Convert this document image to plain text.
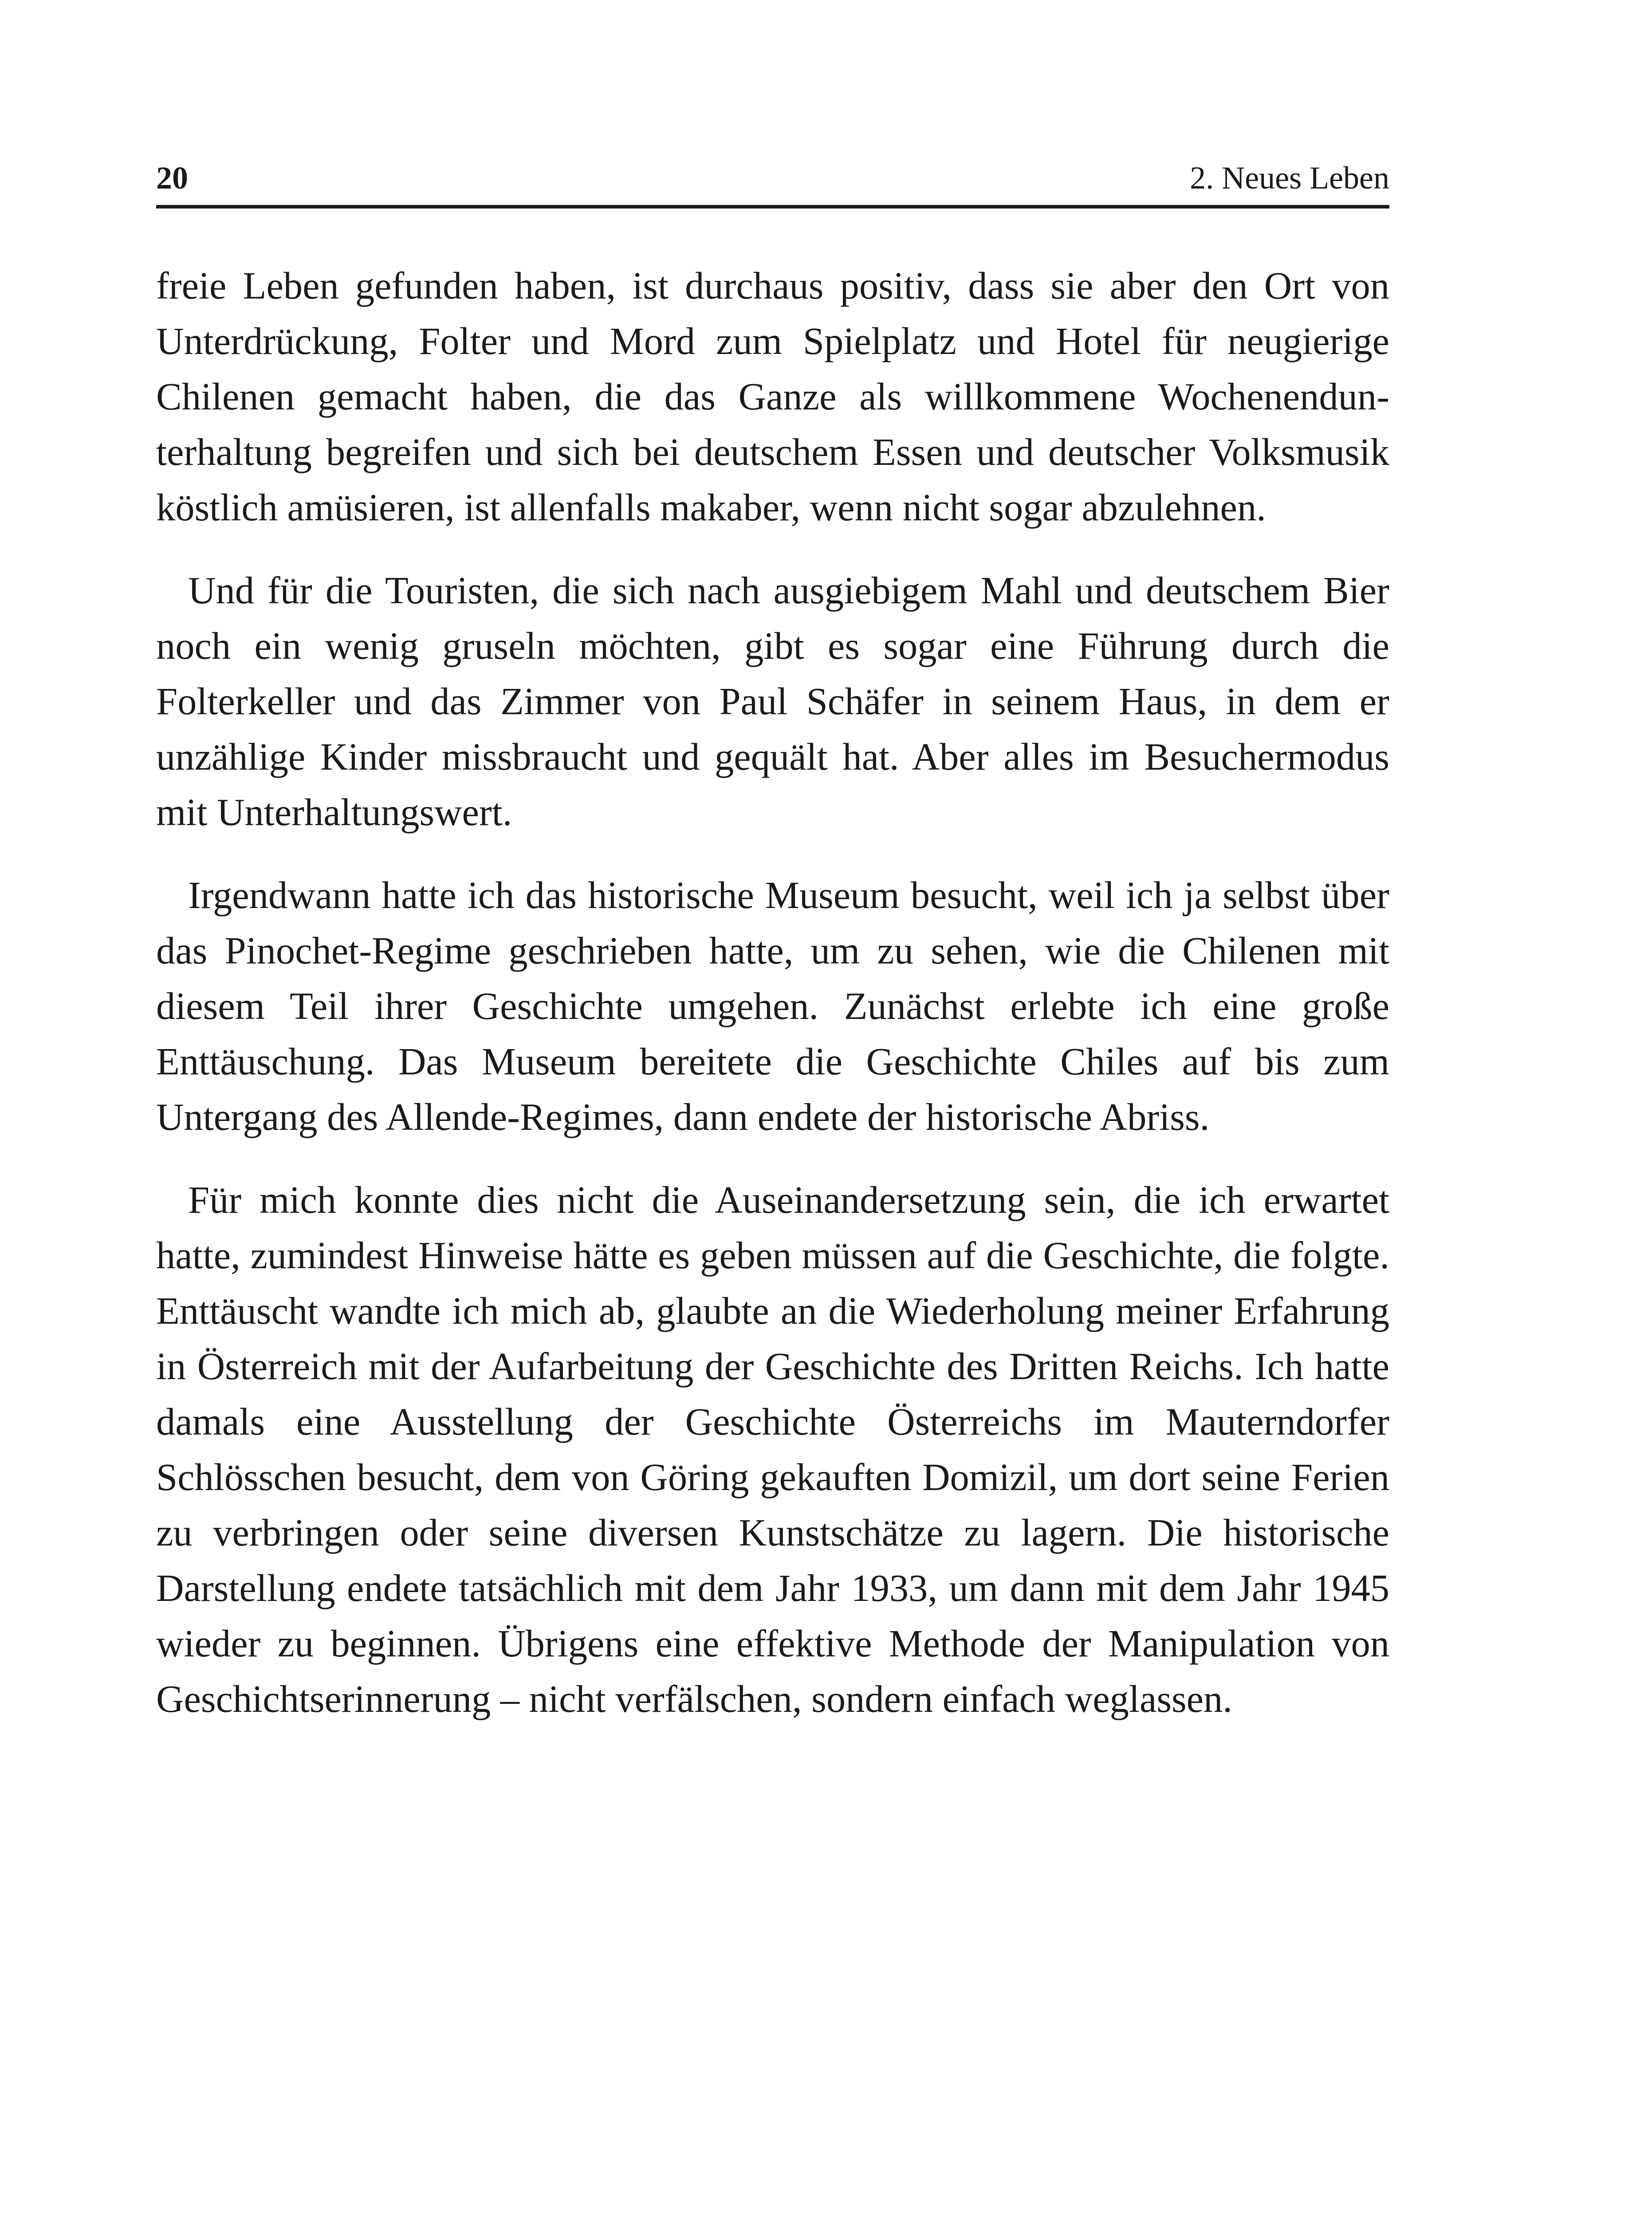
20	2. Neues Leben

freie Leben gefunden haben, ist durchaus positiv, dass sie aber den Ort von Unterdrückung, Folter und Mord zum Spielplatz und Hotel für neugierige Chilenen gemacht haben, die das Ganze als willkommene Wochenendunterhaltung begreifen und sich bei deutschem Essen und deutscher Volksmusik köstlich amüsieren, ist allenfalls makaber, wenn nicht sogar abzulehnen.

Und für die Touristen, die sich nach ausgiebigem Mahl und deutschem Bier noch ein wenig gruseln möchten, gibt es sogar eine Führung durch die Folterkeller und das Zimmer von Paul Schäfer in seinem Haus, in dem er unzählige Kinder missbraucht und gequält hat. Aber alles im Besuchermodus mit Unterhaltungswert.

Irgendwann hatte ich das historische Museum besucht, weil ich ja selbst über das Pinochet-Regime geschrieben hatte, um zu sehen, wie die Chilenen mit diesem Teil ihrer Geschichte umgehen. Zunächst erlebte ich eine große Enttäuschung. Das Museum bereitete die Geschichte Chiles auf bis zum Untergang des Allende-Regimes, dann endete der historische Abriss.

Für mich konnte dies nicht die Auseinandersetzung sein, die ich erwartet hatte, zumindest Hinweise hätte es geben müssen auf die Geschichte, die folgte. Enttäuscht wandte ich mich ab, glaubte an die Wiederholung meiner Erfahrung in Österreich mit der Aufarbeitung der Geschichte des Dritten Reichs. Ich hatte damals eine Ausstellung der Geschichte Österreichs im Mauterndorfer Schlösschen besucht, dem von Göring gekauften Domizil, um dort seine Ferien zu verbringen oder seine diversen Kunstschätze zu lagern. Die historische Darstellung endete tatsächlich mit dem Jahr 1933, um dann mit dem Jahr 1945 wieder zu beginnen. Übrigens eine effektive Methode der Manipulation von Geschichtserinnerung – nicht verfälschen, sondern einfach weglassen.
